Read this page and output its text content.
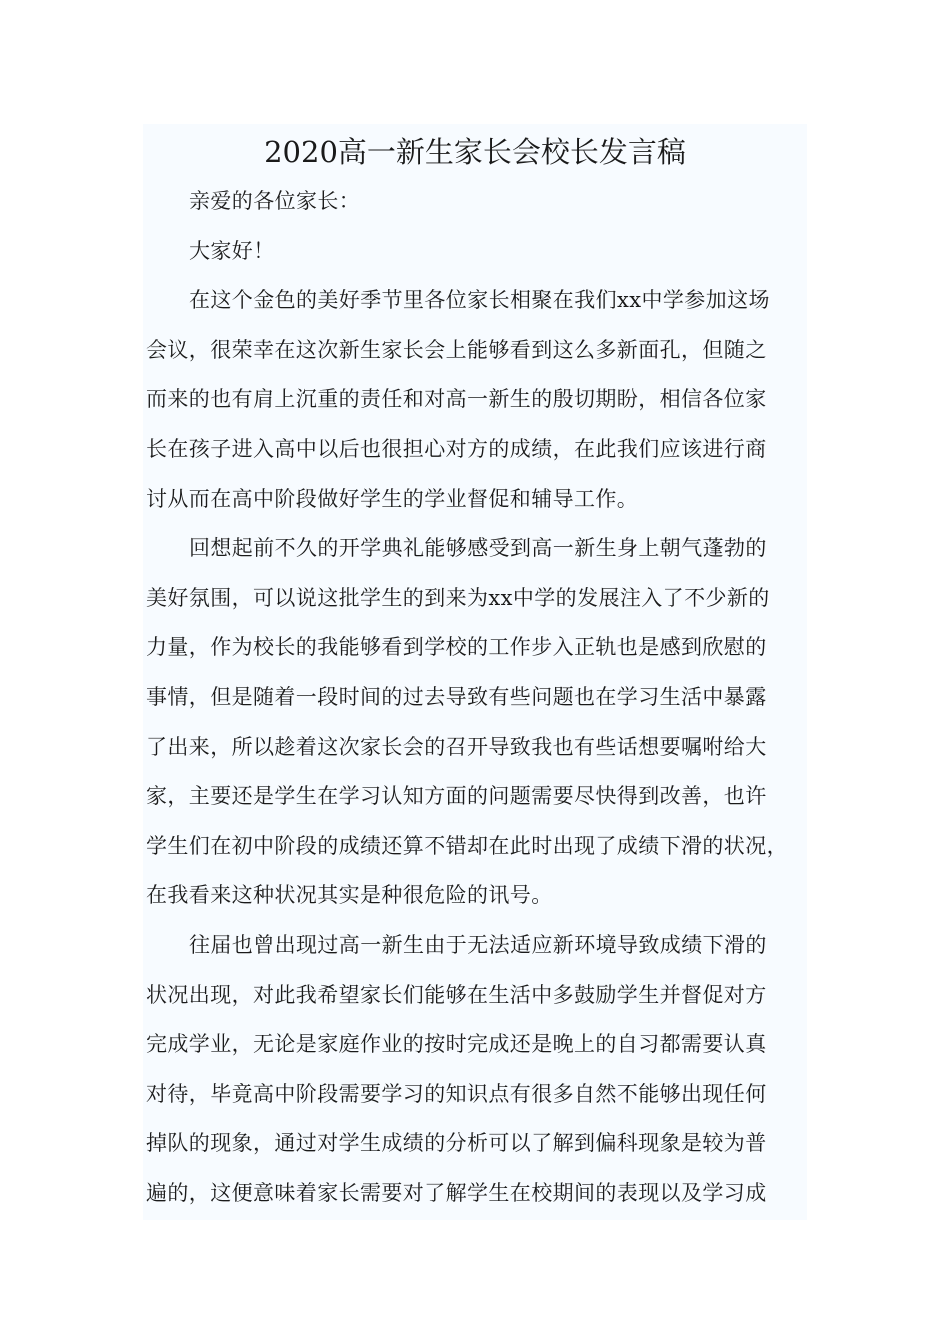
2020高一新生家长会校长发言稿

亲爱的各位家长：

大家好！

在这个金色的美好季节里各位家长相聚在我们xx中学参加这场
会议，很荣幸在这次新生家长会上能够看到这么多新面孔，但随之
而来的也有肩上沉重的责任和对高一新生的殷切期盼，相信各位家
长在孩子进入高中以后也很担心对方的成绩，在此我们应该进行商
讨从而在高中阶段做好学生的学业督促和辅导工作。

回想起前不久的开学典礼能够感受到高一新生身上朝气蓬勃的
美好氛围，可以说这批学生的到来为xx中学的发展注入了不少新的
力量，作为校长的我能够看到学校的工作步入正轨也是感到欣慰的
事情，但是随着一段时间的过去导致有些问题也在学习生活中暴露
了出来，所以趁着这次家长会的召开导致我也有些话想要嘱咐给大
家，主要还是学生在学习认知方面的问题需要尽快得到改善，也许
学生们在初中阶段的成绩还算不错却在此时出现了成绩下滑的状况，
在我看来这种状况其实是种很危险的讯号。

往届也曾出现过高一新生由于无法适应新环境导致成绩下滑的
状况出现，对此我希望家长们能够在生活中多鼓励学生并督促对方
完成学业，无论是家庭作业的按时完成还是晚上的自习都需要认真
对待，毕竟高中阶段需要学习的知识点有很多自然不能够出现任何
掉队的现象，通过对学生成绩的分析可以了解到偏科现象是较为普
遍的，这便意味着家长需要对了解学生在校期间的表现以及学习成
